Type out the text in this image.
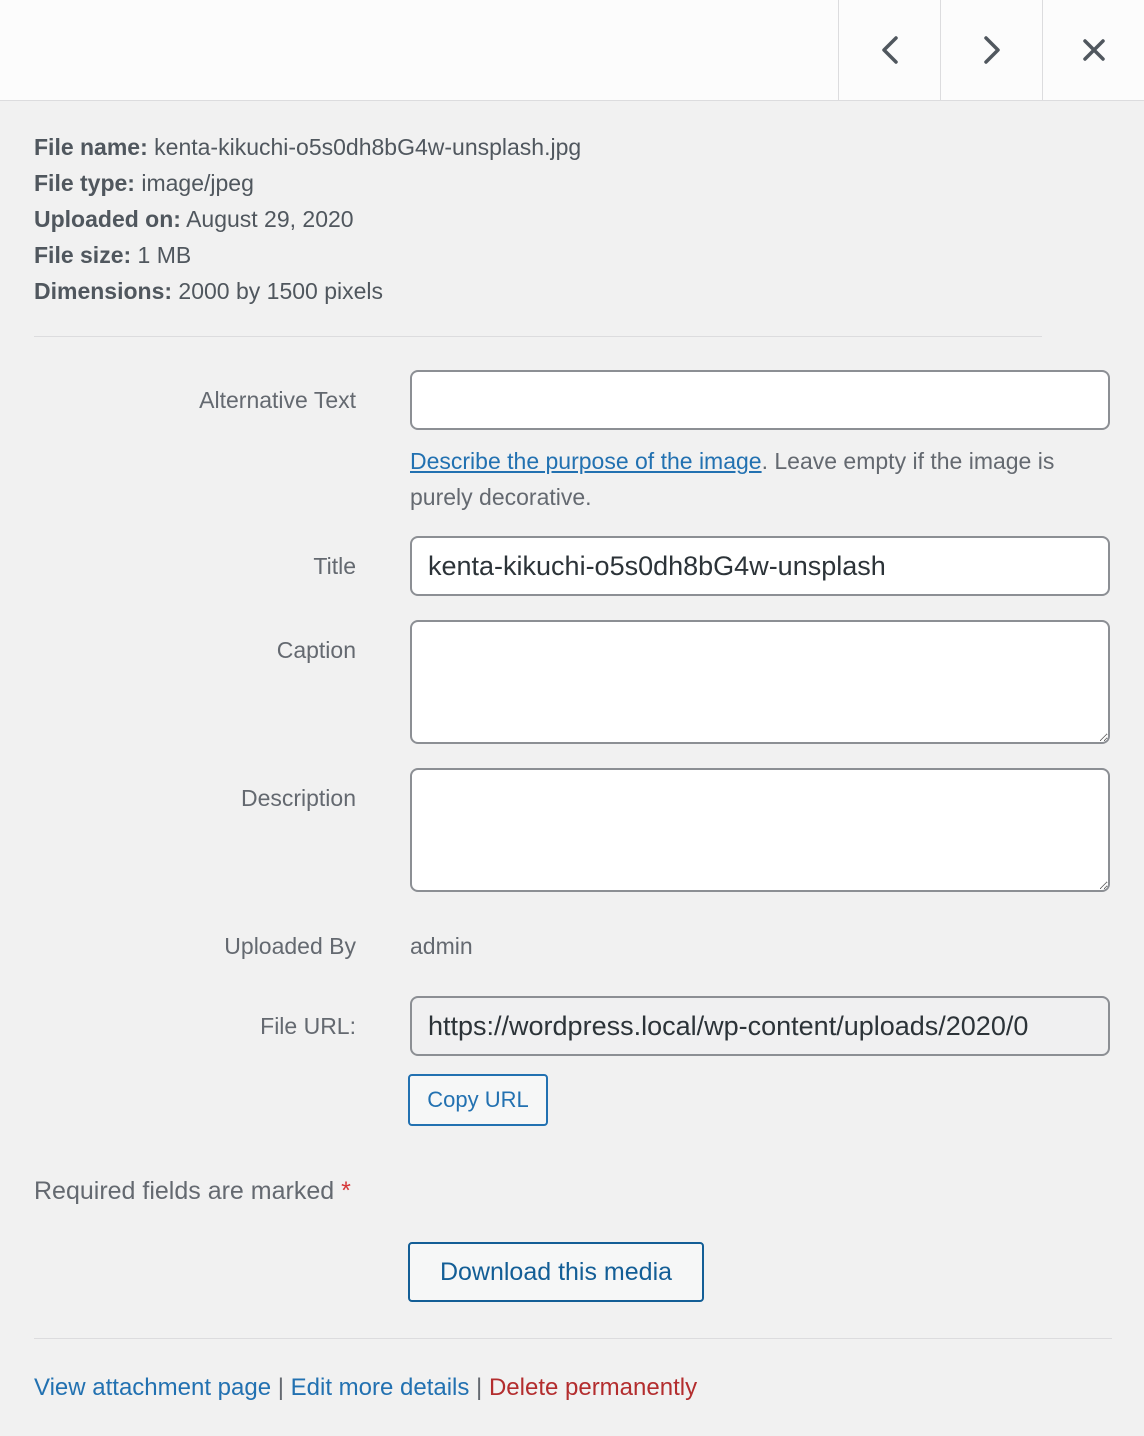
File name: kenta-kikuchi-o5s0dh8bG4w-unsplash.jpg
File type: image/jpeg
Uploaded on: August 29, 2020
File size: 1 MB
Dimensions: 2000 by 1500 pixels
Alternative Text
Describe the purpose of the image. Leave empty if the image is purely decorative.
Title
kenta-kikuchi-o5s0dh8bG4w-unsplash
Caption
Description
Uploaded By admin
File URL:
https://wordpress.local/wp-content/uploads/2020/0
Copy URL
Required fields are marked *
Download this media
View attachment page | Edit more details | Delete permanently
